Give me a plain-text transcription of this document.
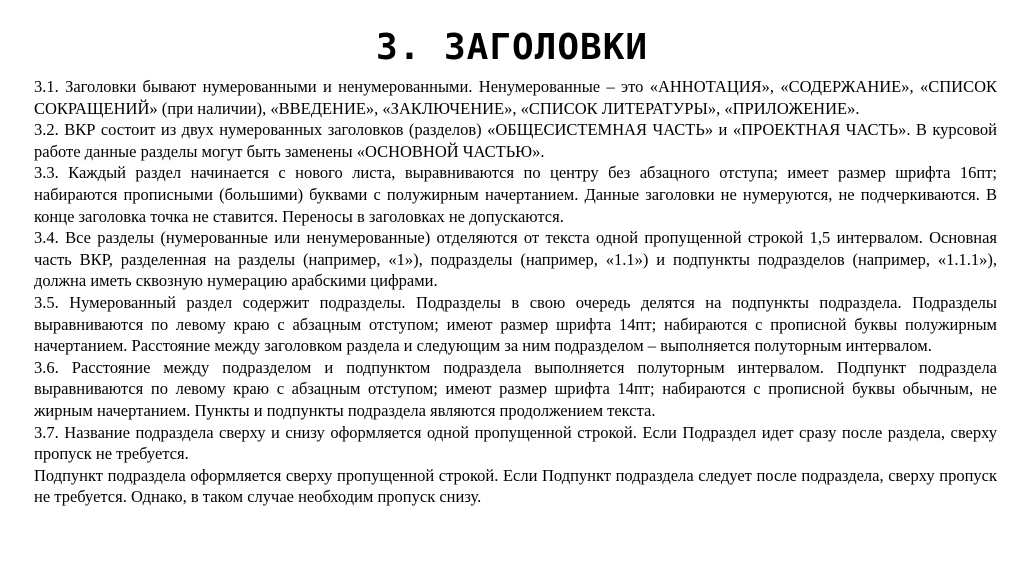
3. ЗАГОЛОВКИ

3.1. Заголовки бывают нумерованными и ненумерованными. Ненумерованные – это «АННОТАЦИЯ», «СОДЕРЖАНИЕ», «СПИСОК СОКРАЩЕНИЙ» (при наличии), «ВВЕДЕНИЕ», «ЗАКЛЮЧЕНИЕ», «СПИСОК ЛИТЕРАТУРЫ», «ПРИЛОЖЕНИЕ».

3.2. ВКР состоит из двух нумерованных заголовков (разделов) «ОБЩЕСИСТЕМНАЯ ЧАСТЬ» и «ПРОЕКТНАЯ ЧАСТЬ». В курсовой работе данные разделы могут быть заменены «ОСНОВНОЙ ЧАСТЬЮ».

3.3. Каждый раздел начинается с нового листа, выравниваются по центру без абзацного отступа; имеет размер шрифта 16пт; набираются прописными (большими) буквами с полужирным начертанием. Данные заголовки не нумеруются, не подчеркиваются. В конце заголовка точка не ставится. Переносы в заголовках не допускаются.

3.4. Все разделы (нумерованные или ненумерованные) отделяются от текста одной пропущенной строкой 1,5 интервалом. Основная часть ВКР, разделенная на разделы (например, «1»), подразделы (например, «1.1») и подпункты подразделов (например, «1.1.1»), должна иметь сквозную нумерацию арабскими цифрами.

3.5. Нумерованный раздел содержит подразделы. Подразделы в свою очередь делятся на подпункты подраздела. Подразделы выравниваются по левому краю с абзацным отступом; имеют размер шрифта 14пт; набираются с прописной буквы полужирным начертанием. Расстояние между заголовком раздела и следующим за ним подразделом – выполняется полуторным интервалом.

3.6. Расстояние между подразделом и подпунктом подраздела выполняется полуторным интервалом. Подпункт подраздела выравниваются по левому краю с абзацным отступом; имеют размер шрифта 14пт; набираются с прописной буквы обычным, не жирным начертанием. Пункты и подпункты подраздела являются продолжением текста.

3.7. Название подраздела сверху и снизу оформляется одной пропущенной строкой. Если Подраздел идет сразу после раздела, сверху пропуск не требуется.

Подпункт подраздела оформляется сверху пропущенной строкой. Если Подпункт подраздела следует после подраздела, сверху пропуск не требуется. Однако, в таком случае необходим пропуск снизу.
